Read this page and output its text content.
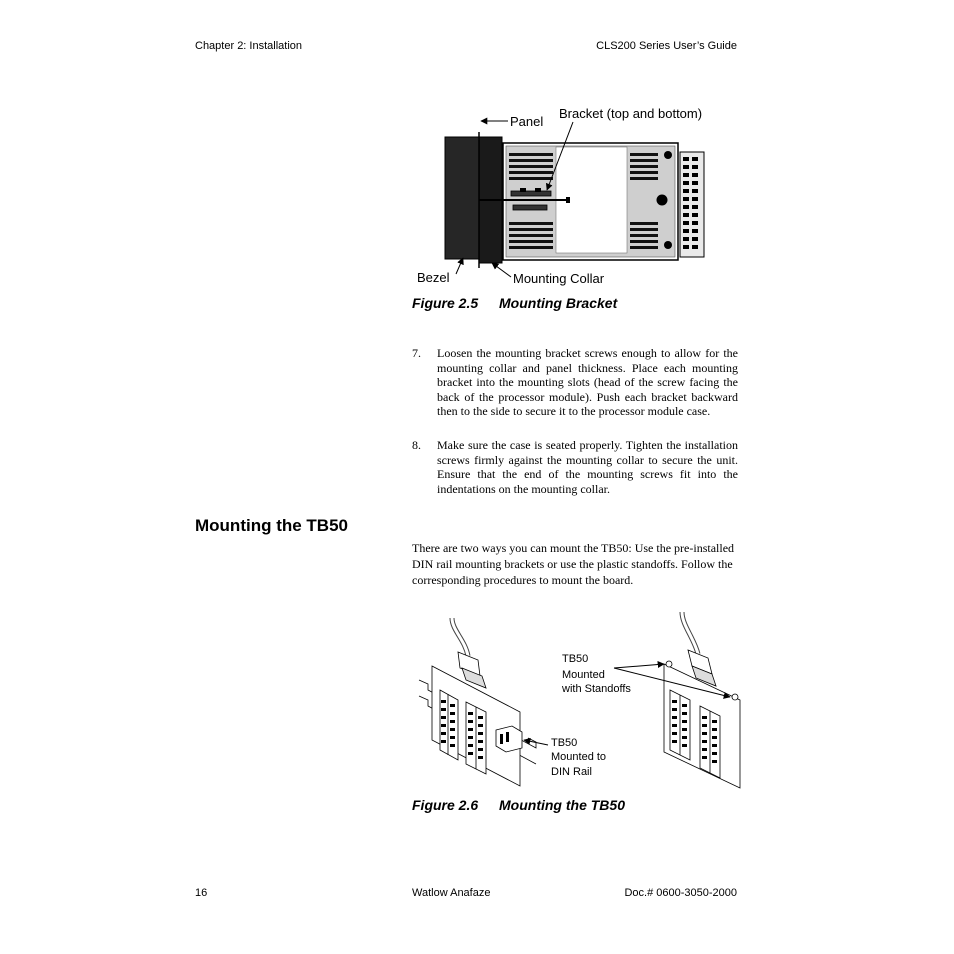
Chapter 2: Installation	CLS200 Series User’s Guide
Panel
Bracket (top and bottom)
Bezel	Mounting Collar
Figure 2.5 Mounting Bracket
7. Loosen the mounting bracket screws enough to allow for the mounting collar and panel thickness. Place each mounting bracket into the mounting slots (head of the screw facing the back of the processor module). Push each bracket backward then to the side to secure it to the processor module case.
8. Make sure the case is seated properly. Tighten the installation screws firmly against the mounting collar to secure the unit. Ensure that the end of the mounting screws fit into the indentations on the mounting collar.
Mounting the TB50
There are two ways you can mount the TB50: Use the pre-installed DIN rail mounting brackets or use the plastic standoffs. Follow the corresponding procedures to mount the board.
TB50
Mounted
with Standoffs
TB50
Mounted to
DIN Rail
Figure 2.6 Mounting the TB50
16	Watlow Anafaze	Doc.# 0600-3050-2000
